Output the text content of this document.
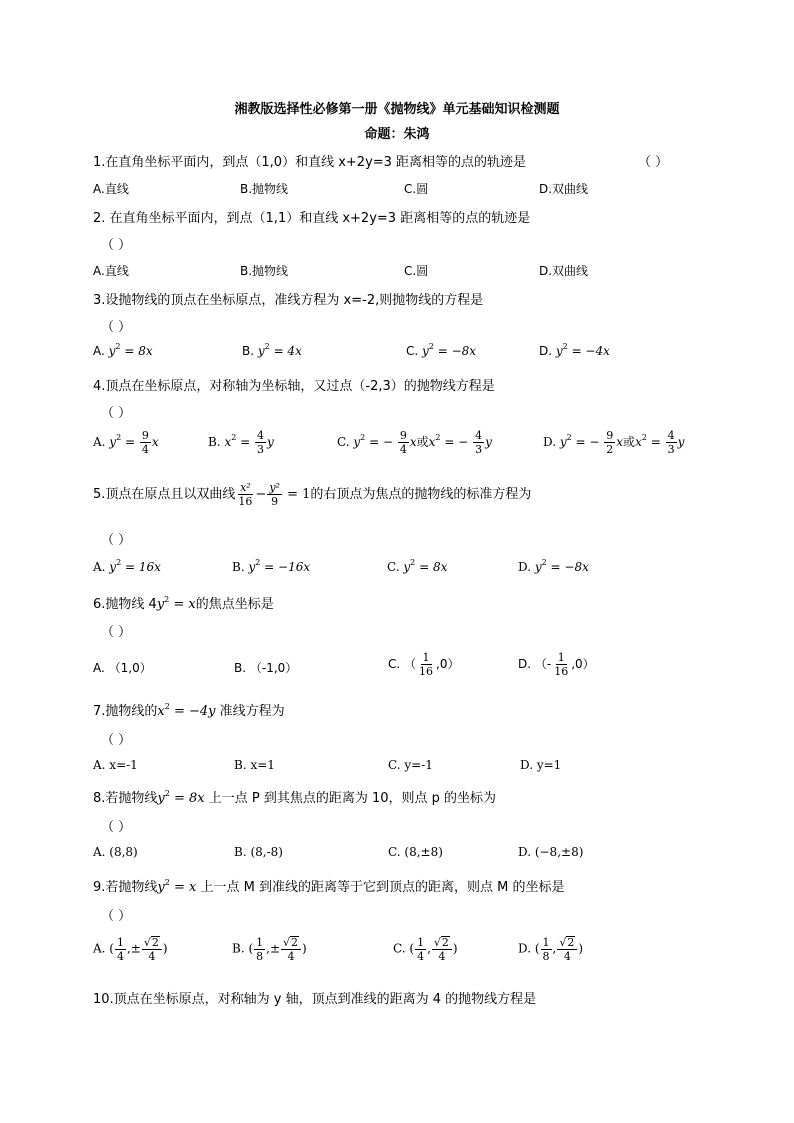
湘教版选择性必修第一册《抛物线》单元基础知识检测题
命题：朱鸿
1.在直角坐标平面内，到点（1,0）和直线 x+2y=3 距离相等的点的轨迹是	（ ）
A.直线	B.抛物线	C.圆	D.双曲线
2. 在直角坐标平面内，到点（1,1）和直线 x+2y=3 距离相等的点的轨迹是
（ ）
A.直线	B.抛物线	C.圆	D.双曲线
3.设抛物线的顶点在坐标原点，准线方程为 x=-2,则抛物线的方程是
（ ）
A. $y^2 = 8x$	B. $y^2 = 4x$	C. $y^2 = -8x$	D. $y^2 = -4x$
4.顶点在坐标原点，对称轴为坐标轴，又过点（-2,3）的抛物线方程是
（ ）
A. $y^2 = \frac{9}{4}$ x	B. $x^2 = \frac{4}{3}$ y	C. $y^2$ = − $\frac{9}{4}$ x或$x^2$ = − $\frac{4}{3}$ y	D. $y^2$ = − $\frac{9}{2}$ x或$x^2 = \frac{4}{3}$ y
5.顶点在原点且以双曲线 $\frac{\text{x²}}{16} - \frac{\text{y²}}{9} = 1$的右顶点为焦点的抛物线的标准方程为
（ ）
A. $y^2 = 16x$	B. $y^2 = -16x$	C. $y^2 = 8x$	D. $y^2 = -8x$
6.抛物线 $4y^2 = x$的焦点坐标是
（ ）
A. （1,0）	B. （-1,0）	C. （ $\frac{1}{16} ,0$）	D. （- $\frac{1}{16} ,0$）
7.抛物线的$x^2 = -4y$ 准线方程为
（ ）
A. x=-1	B. x=1	C. y=-1	D. y=1
8.若抛物线$y^2 = 8x$ 上一点 P 到其焦点的距离为 10，则点 p 的坐标为
（ ）
A. (8,8)	B. (8,-8)	C. (8,±8)	D. (−8,±8)
9.若抛物线$y^2 = x$ 上一点 M 到准线的距离等于它到顶点的距离，则点 M 的坐标是
（ ）
A. ( $\frac{1}{4}$ ,± $\frac{√ 2}{4}$ )	B. ( $\frac{1}{8}$ ,± $\frac{√ 2}{4}$ )	C. ( $\frac{1}{4}$ , $\frac{√ 2}{4}$ )	D. ( $\frac{1}{8}$ , $\frac{√ 2}{4}$ )
10.顶点在坐标原点，对称轴为 y 轴，顶点到准线的距离为 4 的抛物线方程是
